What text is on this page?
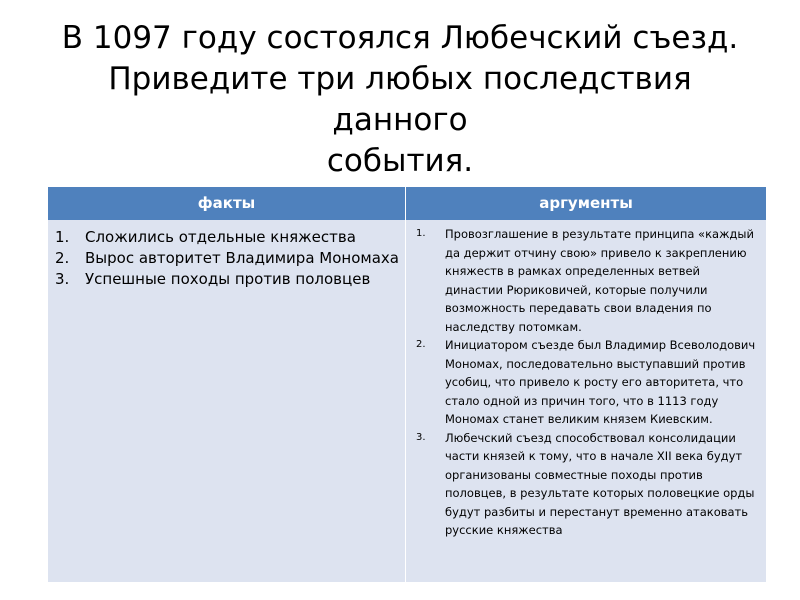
В 1097 году состоялся Любечский съезд.
Приведите три любых последствия данного
события.
факты	аргументы
1. Сложились отдельные княжества
2. Вырос авторитет Владимира Мономаха
3. Успешные походы против половцев
1. Провозглашение в результате принципа «каждый да держит отчину свою» привело к закреплению княжеств в рамках определенных ветвей династии Рюриковичей, которые получили возможность передавать свои владения по наследству потомкам.
2. Инициатором съезде был Владимир Всеволодович Мономах, последовательно выступавший против усобиц, что привело к росту его авторитета, что стало одной из причин того, что в 1113 году Мономах станет великим князем Киевским.
3. Любечский съезд способствовал консолидации части князей к тому, что в начале XII века будут организованы совместные походы против половцев, в результате которых половецкие орды будут разбиты и перестанут временно атаковать русские княжества
